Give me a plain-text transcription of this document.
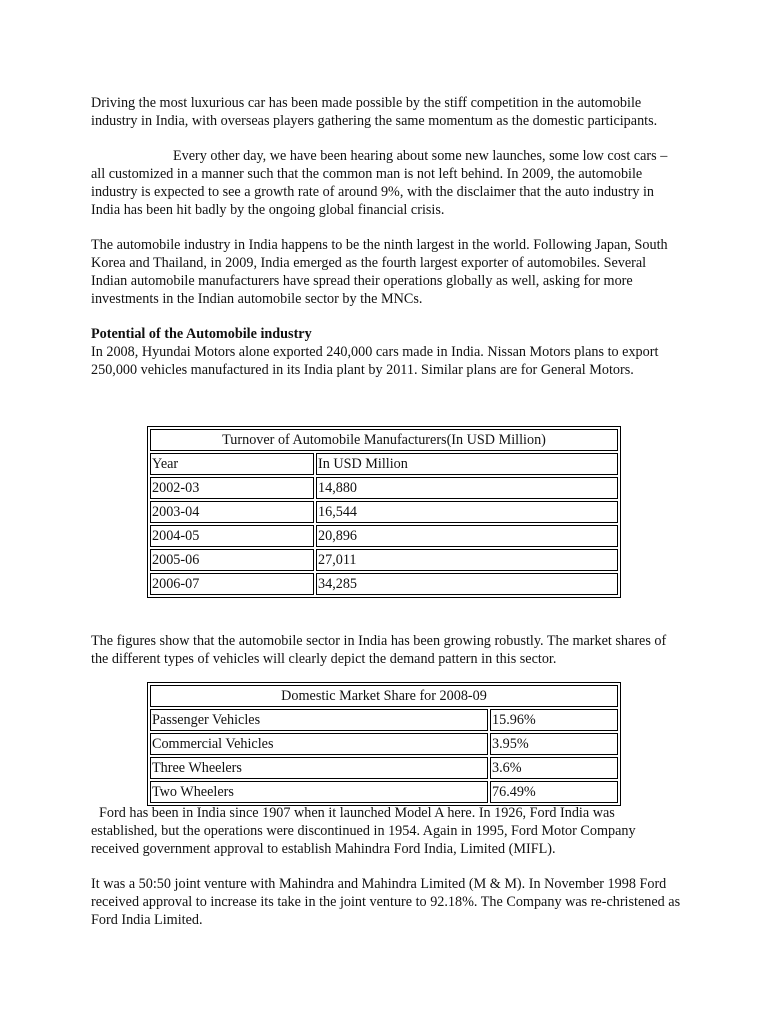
Driving the most luxurious car has been made possible by the stiff competition in the automobile industry in India, with overseas players gathering the same momentum as the domestic participants.

Every other day, we have been hearing about some new launches, some low cost cars – all customized in a manner such that the common man is not left behind. In 2009, the automobile industry is expected to see a growth rate of around 9%, with the disclaimer that the auto industry in India has been hit badly by the ongoing global financial crisis.

The automobile industry in India happens to be the ninth largest in the world. Following Japan, South Korea and Thailand, in 2009, India emerged as the fourth largest exporter of automobiles. Several Indian automobile manufacturers have spread their operations globally as well, asking for more investments in the Indian automobile sector by the MNCs.

Potential of the Automobile industry

In 2008, Hyundai Motors alone exported 240,000 cars made in India. Nissan Motors plans to export 250,000 vehicles manufactured in its India plant by 2011. Similar plans are for General Motors.

Turnover of Automobile Manufacturers(In USD Million)	
Year	In USD Million
2002-03	14,880
2003-04	16,544
2004-05	20,896
2005-06	27,011
2006-07	34,285

The figures show that the automobile sector in India has been growing robustly. The market shares of the different types of vehicles will clearly depict the demand pattern in this sector.

Domestic Market Share for 2008-09	
Passenger Vehicles	15.96%
Commercial Vehicles	3.95%
Three Wheelers	3.6%
Two Wheelers	76.49%

Ford has been in India since 1907 when it launched Model A here. In 1926, Ford India was established, but the operations were discontinued in 1954. Again in 1995, Ford Motor Company received government approval to establish Mahindra Ford India, Limited (MIFL).

It was a 50:50 joint venture with Mahindra and Mahindra Limited (M & M). In November 1998 Ford received approval to increase its take in the joint venture to 92.18%. The Company was re-christened as Ford India Limited.
